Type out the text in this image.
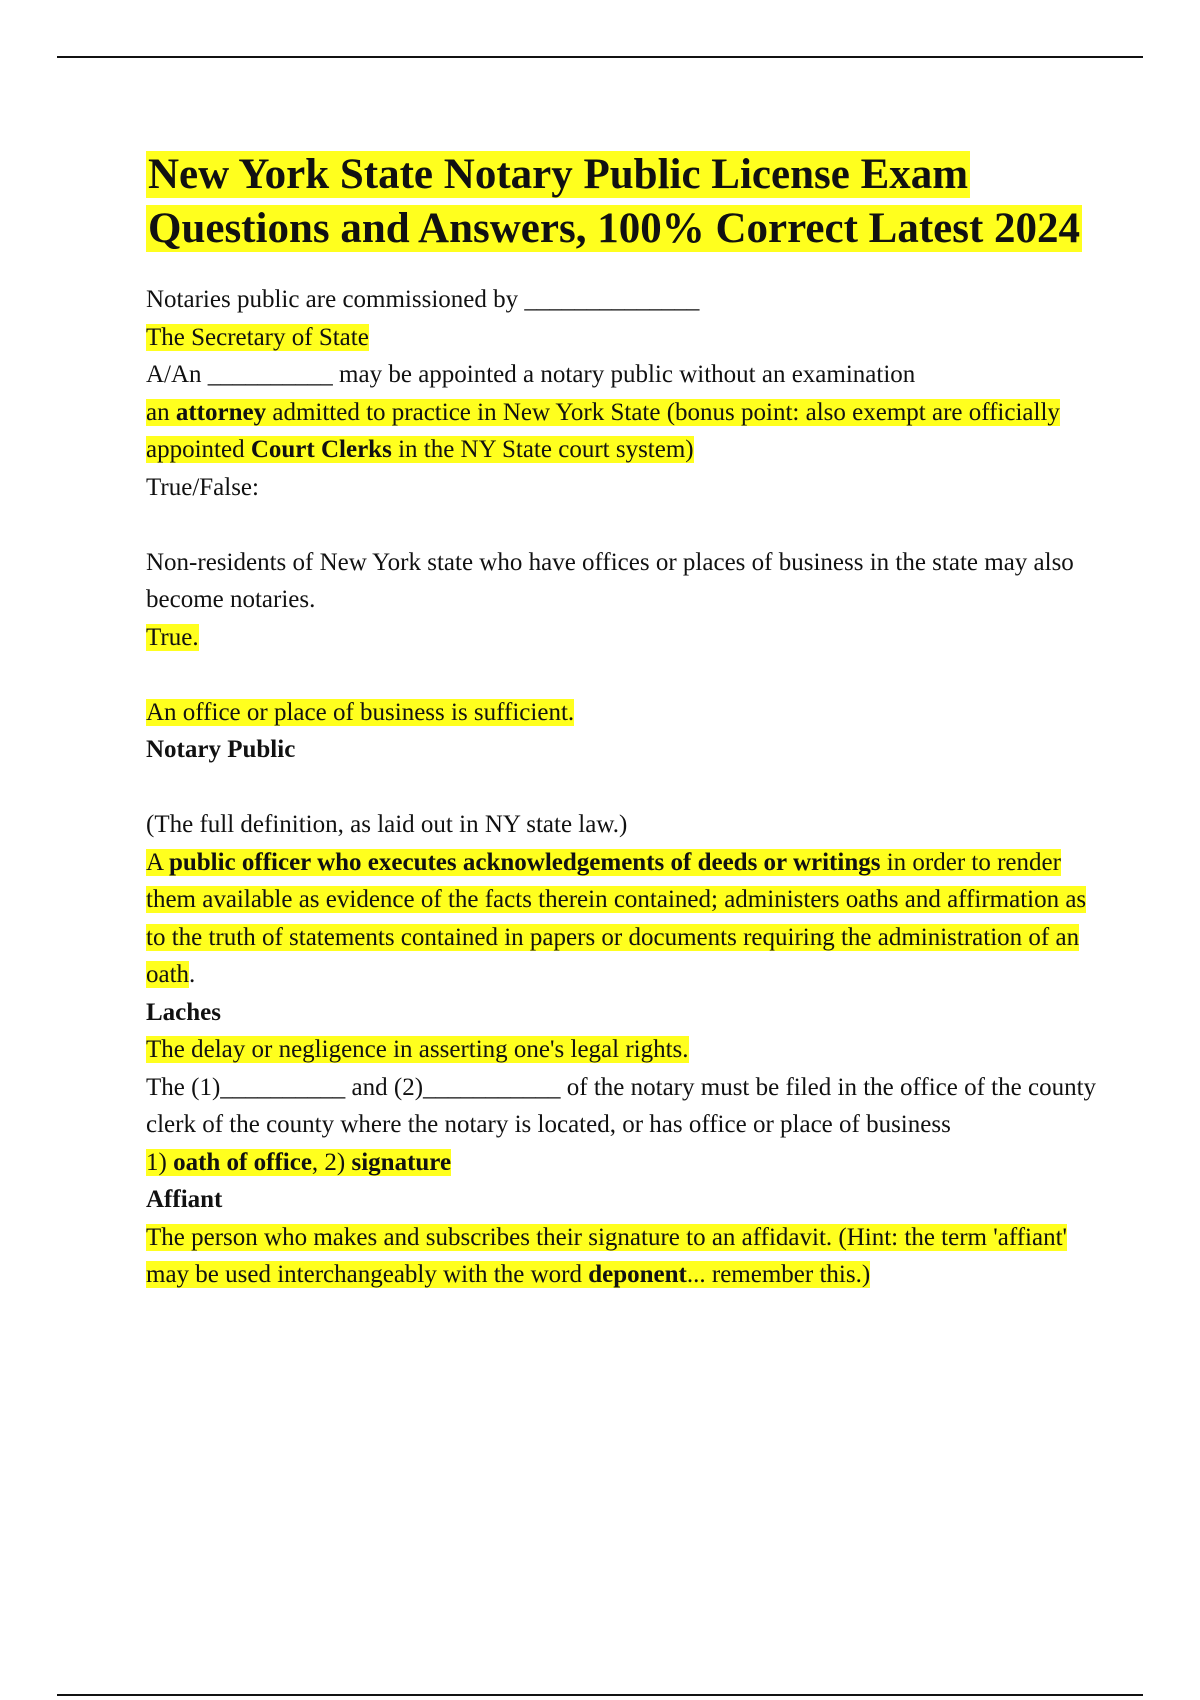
New York State Notary Public License Exam Questions and Answers, 100% Correct Latest 2024

Notaries public are commissioned by ______________

The Secretary of State

A/An __________ may be appointed a notary public without an examination

an attorney admitted to practice in New York State (bonus point: also exempt are officially appointed Court Clerks in the NY State court system)

True/False:

Non-residents of New York state who have offices or places of business in the state may also become notaries.

True.

An office or place of business is sufficient.

Notary Public

(The full definition, as laid out in NY state law.)

A public officer who executes acknowledgements of deeds or writings in order to render them available as evidence of the facts therein contained; administers oaths and affirmation as to the truth of statements contained in papers or documents requiring the administration of an oath.

Laches

The delay or negligence in asserting one's legal rights.

The (1)__________ and (2)___________ of the notary must be filed in the office of the county clerk of the county where the notary is located, or has office or place of business

1) oath of office, 2) signature

Affiant

The person who makes and subscribes their signature to an affidavit. (Hint: the term 'affiant' may be used interchangeably with the word deponent... remember this.)
